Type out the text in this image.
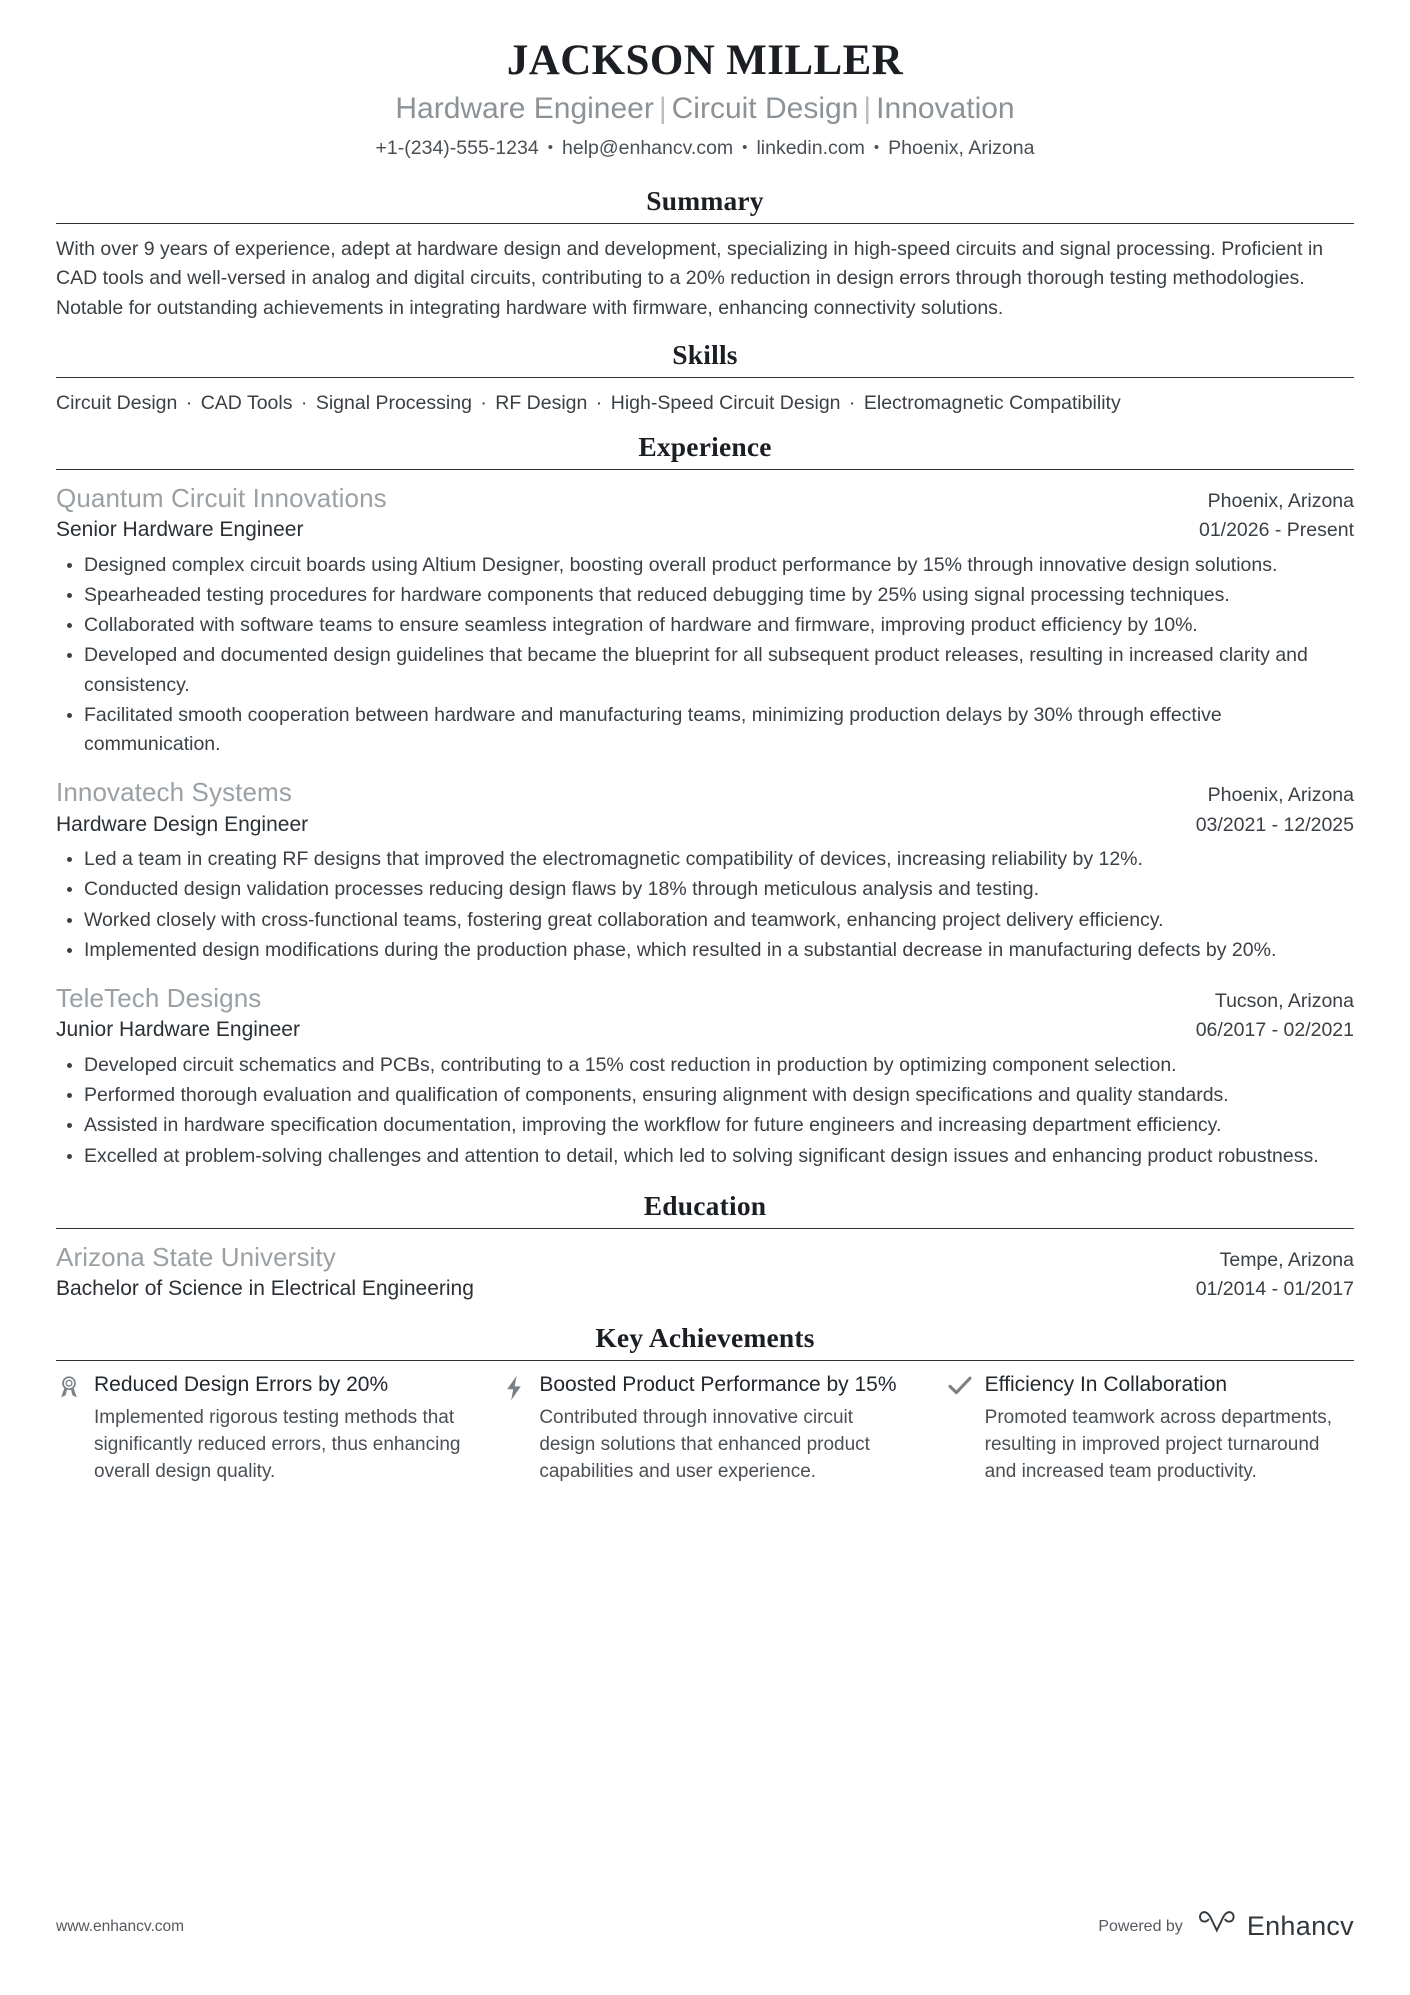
JACKSON MILLER
Hardware Engineer | Circuit Design | Innovation
+1-(234)-555-1234 • help@enhancv.com • linkedin.com • Phoenix, Arizona
Summary

With over 9 years of experience, adept at hardware design and development, specializing in high-speed circuits and signal processing. Proficient in CAD tools and well-versed in analog and digital circuits, contributing to a 20% reduction in design errors through thorough testing methodologies. Notable for outstanding achievements in integrating hardware with firmware, enhancing connectivity solutions.

Skills
Circuit Design · CAD Tools · Signal Processing · RF Design · High-Speed Circuit Design · Electromagnetic Compatibility
Experience
Quantum Circuit Innovations	Phoenix, Arizona
Senior Hardware Engineer	01/2026 - Present
Designed complex circuit boards using Altium Designer, boosting overall product performance by 15% through innovative design solutions.
Spearheaded testing procedures for hardware components that reduced debugging time by 25% using signal processing techniques.
Collaborated with software teams to ensure seamless integration of hardware and firmware, improving product efficiency by 10%.
Developed and documented design guidelines that became the blueprint for all subsequent product releases, resulting in increased clarity and consistency.
Facilitated smooth cooperation between hardware and manufacturing teams, minimizing production delays by 30% through effective communication.
Innovatech Systems	Phoenix, Arizona
Hardware Design Engineer	03/2021 - 12/2025
Led a team in creating RF designs that improved the electromagnetic compatibility of devices, increasing reliability by 12%.
Conducted design validation processes reducing design flaws by 18% through meticulous analysis and testing.
Worked closely with cross-functional teams, fostering great collaboration and teamwork, enhancing project delivery efficiency.
Implemented design modifications during the production phase, which resulted in a substantial decrease in manufacturing defects by 20%.
TeleTech Designs	Tucson, Arizona
Junior Hardware Engineer	06/2017 - 02/2021
Developed circuit schematics and PCBs, contributing to a 15% cost reduction in production by optimizing component selection.
Performed thorough evaluation and qualification of components, ensuring alignment with design specifications and quality standards.
Assisted in hardware specification documentation, improving the workflow for future engineers and increasing department efficiency.
Excelled at problem-solving challenges and attention to detail, which led to solving significant design issues and enhancing product robustness.
Education
Arizona State University	Tempe, Arizona
Bachelor of Science in Electrical Engineering	01/2014 - 01/2017
Key Achievements
Reduced Design Errors by 20%
Implemented rigorous testing methods that significantly reduced errors, thus enhancing overall design quality.
Boosted Product Performance by 15%
Contributed through innovative circuit design solutions that enhanced product capabilities and user experience.
Efficiency In Collaboration
Promoted teamwork across departments, resulting in improved project turnaround and increased team productivity.
www.enhancv.com	Powered by Enhancv
